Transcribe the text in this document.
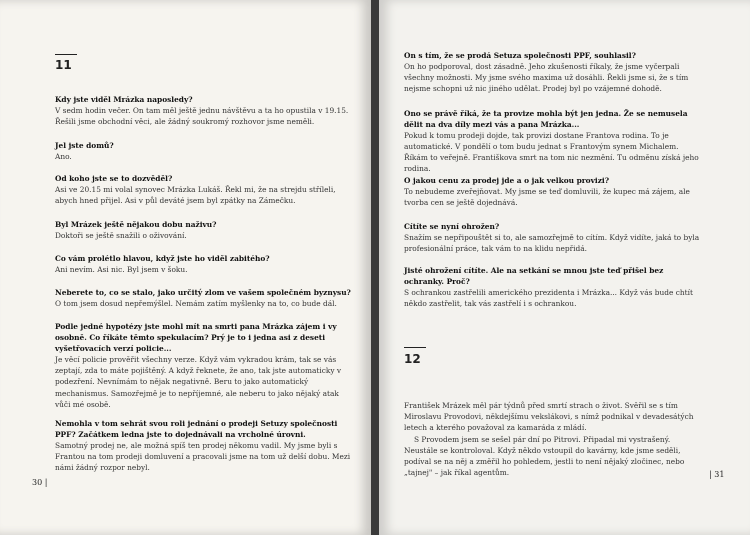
11
Kdy jste viděl Mrázka naposledy?
V sedm hodin večer. On tam měl ještě jednu návštěvu a ta ho opustila v 19.15. Řešili jsme obchodní věci, ale žádný soukromý rozhovor jsme neměli.
Jel jste domů?
Ano.
Od koho jste se to dozvěděl?
Asi ve 20.15 mi volal synovec Mrázka Lukáš. Řekl mi, že na strejdu stříleli, abych hned přijel. Asi v půl deváté jsem byl zpátky na Zámečku.
Byl Mrázek ještě nějakou dobu naživu?
Doktoři se ještě snažili o oživování.
Co vám prolétlo hlavou, když jste ho viděl zabitého?
Ani nevím. Asi nic. Byl jsem v šoku.
Neberete to, co se stalo, jako určitý zlom ve vašem společném byznysu?
O tom jsem dosud nepřemýšlel. Nemám zatím myšlenky na to, co bude dál.
Podle jedné hypotézy jste mohl mít na smrti pana Mrázka zájem i vy osobně. Co říkáte těmto spekulacím? Prý je to i jedna asi z deseti vyšetřovacích verzí policie...
Je věcí policie prověřit všechny verze. Když vám vykradou krám, tak se vás zeptají, zda to máte pojištěný. A když řeknete, že ano, tak jste automaticky v podezření. Nevnímám to nějak negativně. Beru to jako automatický mechanismus. Samozřejmě je to nepříjemné, ale neberu to jako nějaký atak vůči mé osobě.
Nemohla v tom sehrát svou roli jednání o prodeji Setuzy společnosti PPF? Začátkem ledna jste to dojednávali na vrcholné úrovni.
Samotný prodej ne, ale možná spíš ten prodej někomu vadil. My jsme byli s Frantou na tom prodeji domluvení a pracovali jsme na tom už delší dobu. Mezi námi žádný rozpor nebyl.
30 |
On s tím, že se prodá Setuza společnosti PPF, souhlasil?
On ho podporoval, dost zásadně. Jeho zkušenosti říkaly, že jsme vyčerpali všechny možnosti. My jsme svého maxima už dosáhli. Řekli jsme si, že s tím nejsme schopni už nic jiného udělat. Prodej byl po vzájemné dohodě.
Ono se právě říká, že ta provize mohla být jen jedna. Že se nemusela dělit na dva díly mezi vás a pana Mrázka...
Pokud k tomu prodeji dojde, tak provizi dostane Frantova rodina. To je automatické. V pondělí o tom budu jednat s Frantovým synem Michalem. Říkám to veřejně. Františkova smrt na tom nic nezmění. Tu odměnu získá jeho rodina.
O jakou cenu za prodej jde a o jak velkou provizi?
To nebudeme zveřejňovat. My jsme se teď domluvili, že kupec má zájem, ale tvorba cen se ještě dojednává.
Cítíte se nyní ohrožen?
Snažím se nepřipouštět si to, ale samozřejmě to cítím. Když vidíte, jaká to byla profesionální práce, tak vám to na klidu nepřidá.
Jisté ohrožení cítíte. Ale na setkání se mnou jste teď přišel bez ochranky. Proč?
S ochrankou zastřelili amerického prezidenta i Mrázka... Když vás bude chtít někdo zastřelit, tak vás zastřelí i s ochrankou.
12
František Mrázek měl pár týdnů před smrtí strach o život. Svěřil se s tím Miroslavu Provodovi, někdejšímu vekslákovi, s nímž podnikal v devadesátých letech a kterého považoval za kamaráda z mládí.
S Provodem jsem se sešel pár dní po Pitrovi. Připadal mi vystrašený. Neustále se kontroloval. Když někdo vstoupil do kavárny, kde jsme seděli, podíval se na něj a změřil ho pohledem, jestli to není nějaký zločinec, nebo „tajnej" – jak říkal agentům.	| 31
